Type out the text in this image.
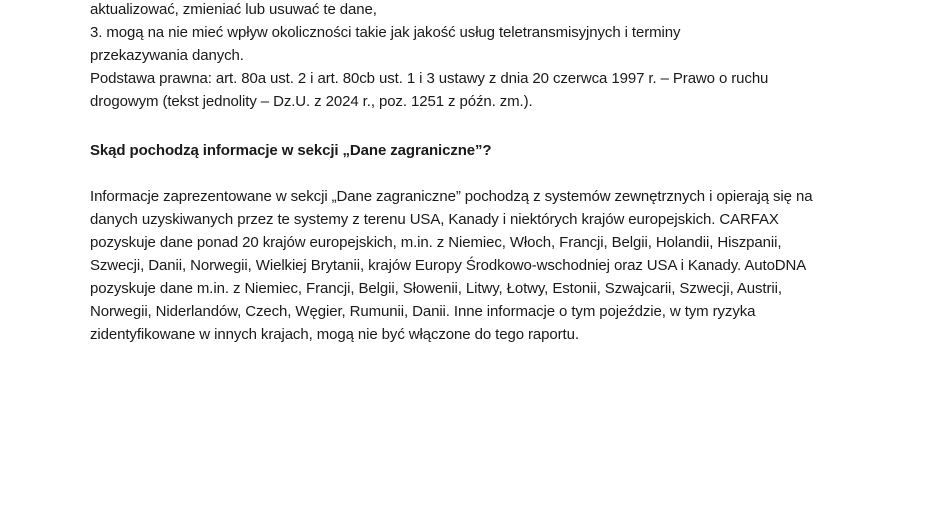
aktualizować, zmieniać lub usuwać te dane,
3. mogą na nie mieć wpływ okoliczności takie jak jakość usług teletransmisyjnych i terminy
przekazywania danych.
Podstawa prawna: art. 80a ust. 2 i art. 80cb ust. 1 i 3 ustawy z dnia 20 czerwca 1997 r. – Prawo o ruchu
drogowym (tekst jednolity – Dz.U. z 2024 r., poz. 1251 z późn. zm.).
Skąd pochodzą informacje w sekcji „Dane zagraniczne”?
Informacje zaprezentowane w sekcji „Dane zagraniczne” pochodzą z systemów zewnętrznych i opierają się na
danych uzyskiwanych przez te systemy z terenu USA, Kanady i niektórych krajów europejskich. CARFAX
pozyskuje dane ponad 20 krajów europejskich, m.in. z Niemiec, Włoch, Francji, Belgii, Holandii, Hiszpanii,
Szwecji, Danii, Norwegii, Wielkiej Brytanii, krajów Europy Środkowo-wschodniej oraz USA i Kanady. AutoDNA
pozyskuje dane m.in. z Niemiec, Francji, Belgii, Słowenii, Litwy, Łotwy, Estonii, Szwajcarii, Szwecji, Austrii,
Norwegii, Niderlandów, Czech, Węgier, Rumunii, Danii. Inne informacje o tym pojeździe, w tym ryzyka
zidentyfikowane w innych krajach, mogą nie być włączone do tego raportu.
